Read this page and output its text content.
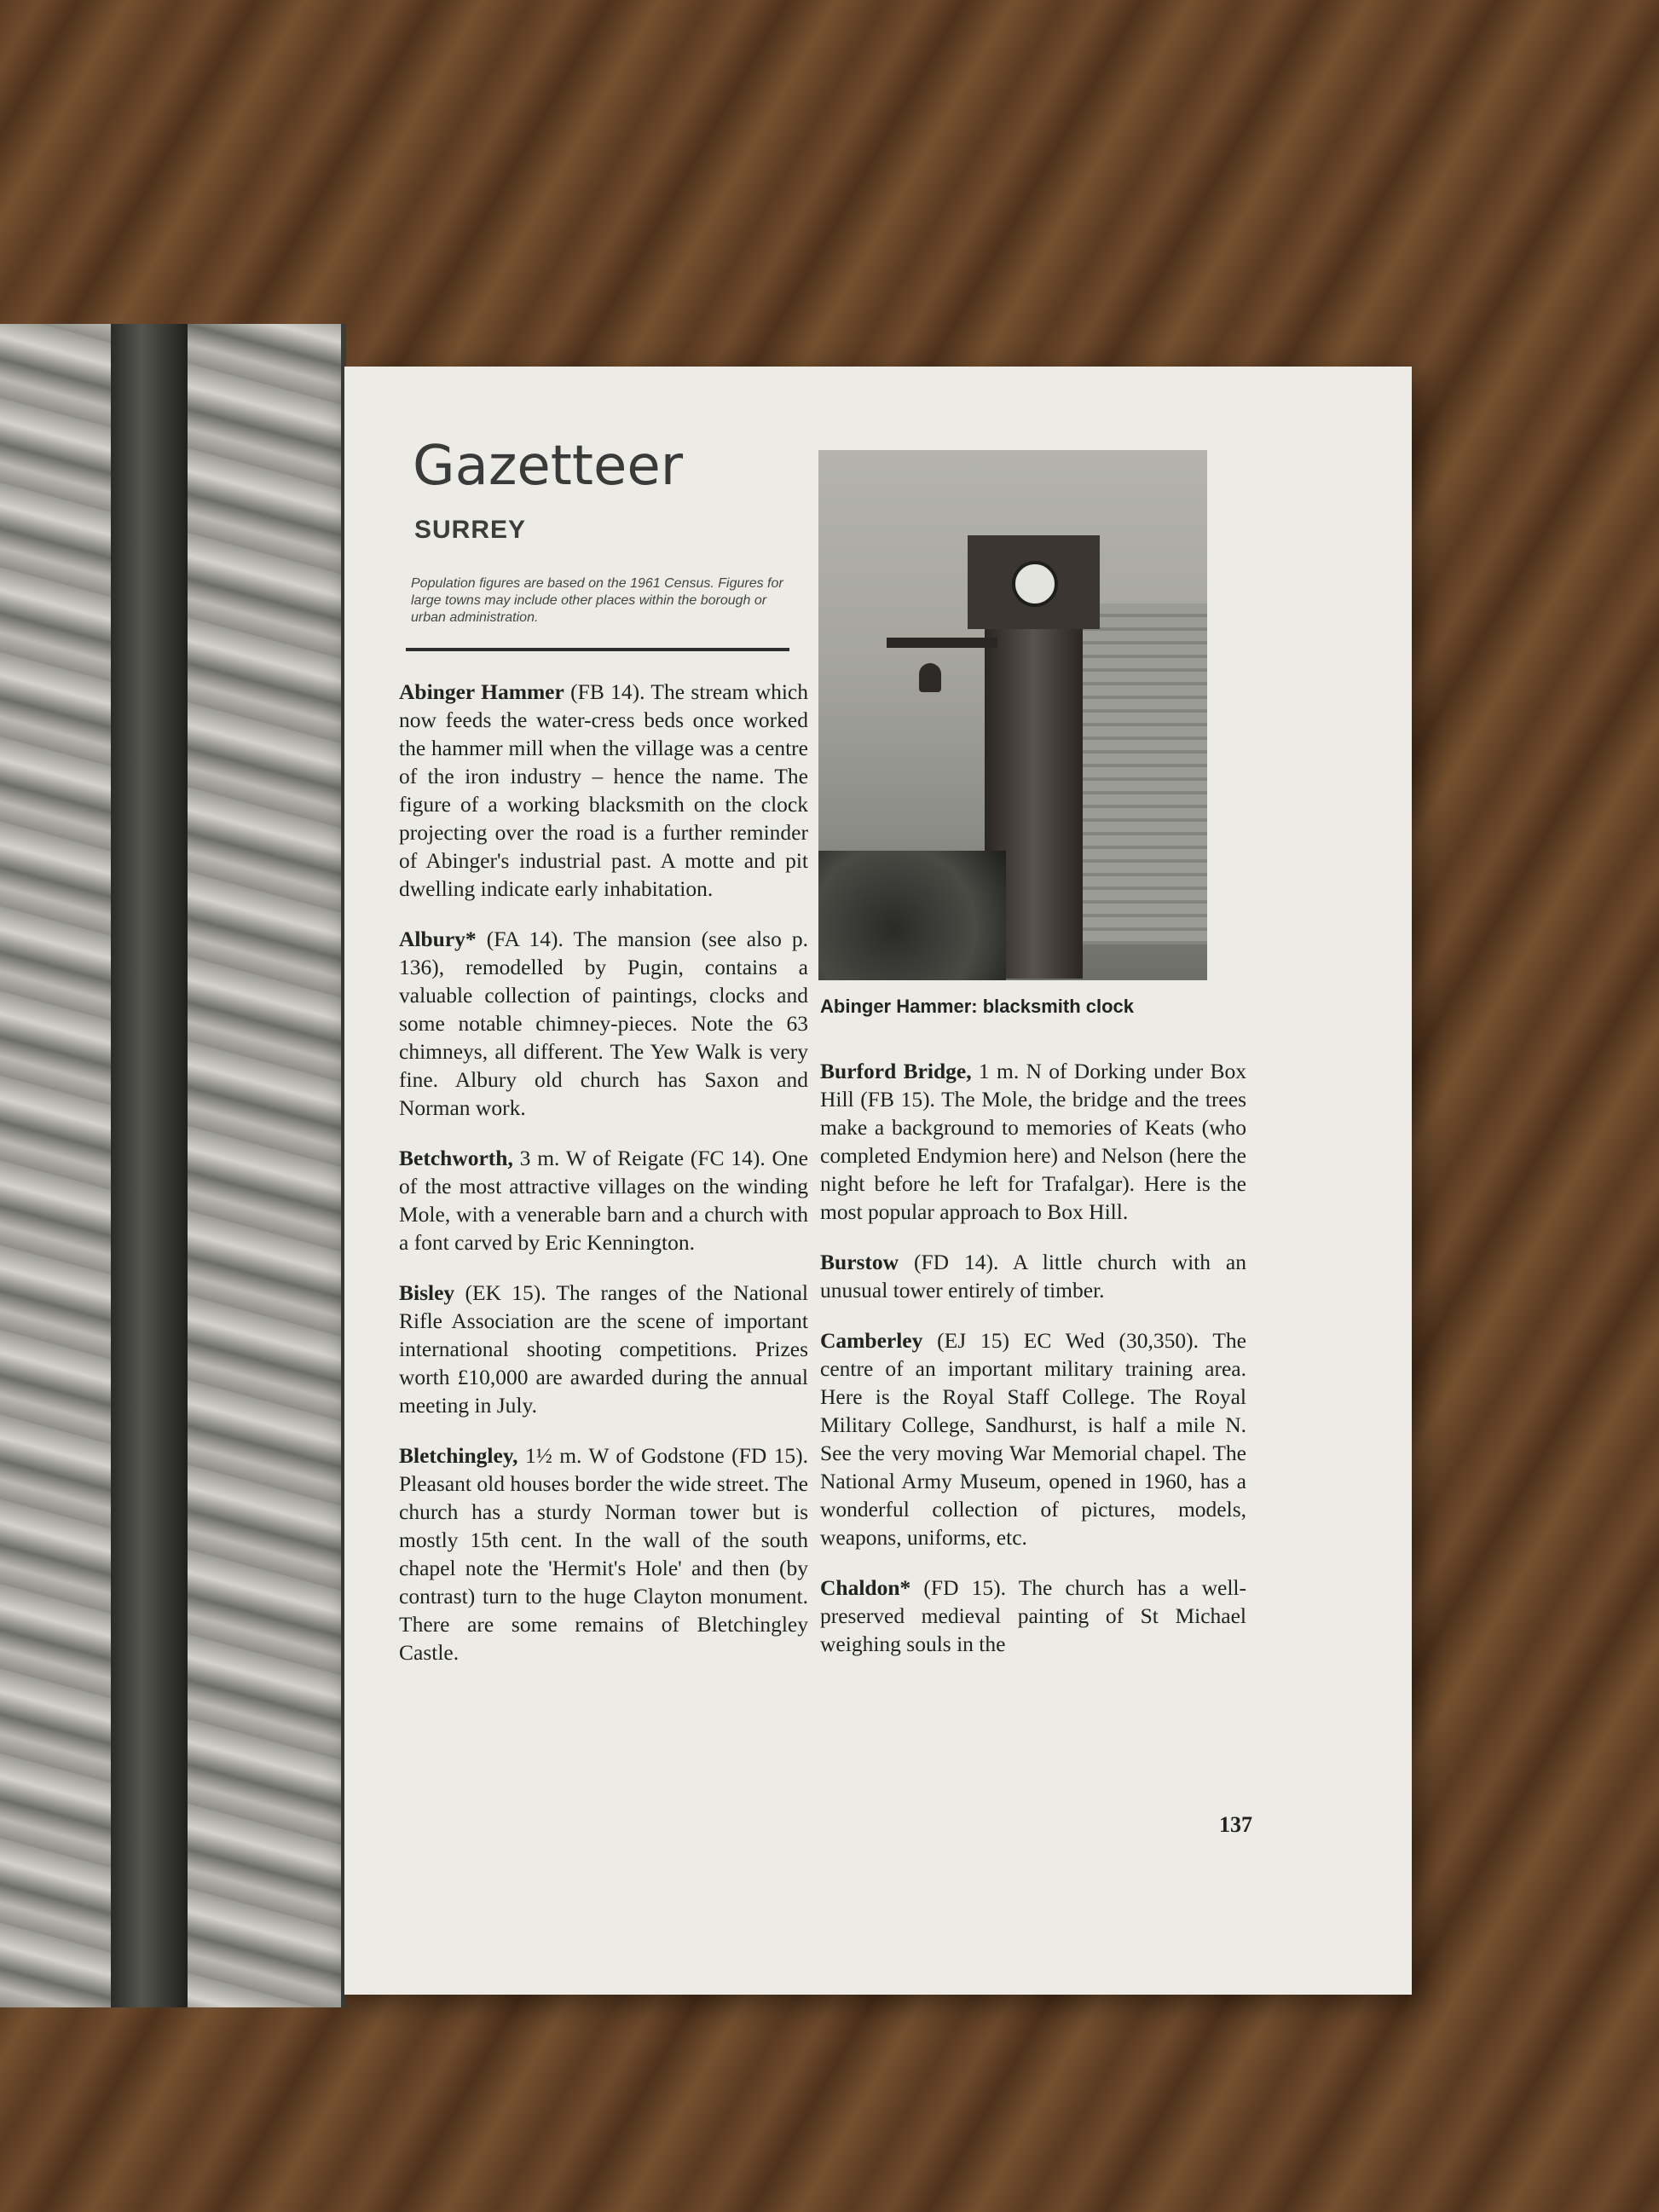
Gazetteer
SURREY
Population figures are based on the 1961 Census. Figures for large towns may include other places within the borough or urban administration.

Abinger Hammer (FB 14). The stream which now feeds the water-cress beds once worked the hammer mill when the village was a centre of the iron industry – hence the name. The figure of a working blacksmith on the clock projecting over the road is a further reminder of Abinger's industrial past. A motte and pit dwelling indicate early inhabitation.

Albury* (FA 14). The mansion (see also p. 136), remodelled by Pugin, contains a valuable collection of paintings, clocks and some notable chimney-pieces. Note the 63 chimneys, all different. The Yew Walk is very fine. Albury old church has Saxon and Norman work.

Betchworth, 3 m. W of Reigate (FC 14). One of the most attractive villages on the winding Mole, with a venerable barn and a church with a font carved by Eric Kennington.

Bisley (EK 15). The ranges of the National Rifle Association are the scene of important international shooting competitions. Prizes worth £10,000 are awarded during the annual meeting in July.

Bletchingley, 1½ m. W of Godstone (FD 15). Pleasant old houses border the wide street. The church has a sturdy Norman tower but is mostly 15th cent. In the wall of the south chapel note the 'Hermit's Hole' and then (by contrast) turn to the huge Clayton monument. There are some remains of Bletchingley Castle.

Abinger Hammer: blacksmith clock

Burford Bridge, 1 m. N of Dorking under Box Hill (FB 15). The Mole, the bridge and the trees make a background to memories of Keats (who completed Endymion here) and Nelson (here the night before he left for Trafalgar). Here is the most popular approach to Box Hill.

Burstow (FD 14). A little church with an unusual tower entirely of timber.

Camberley (EJ 15) EC Wed (30,350). The centre of an important military training area. Here is the Royal Staff College. The Royal Military College, Sandhurst, is half a mile N. See the very moving War Memorial chapel. The National Army Museum, opened in 1960, has a wonderful collection of pictures, models, weapons, uniforms, etc.

Chaldon* (FD 15). The church has a well-preserved medieval painting of St Michael weighing souls in the

137
